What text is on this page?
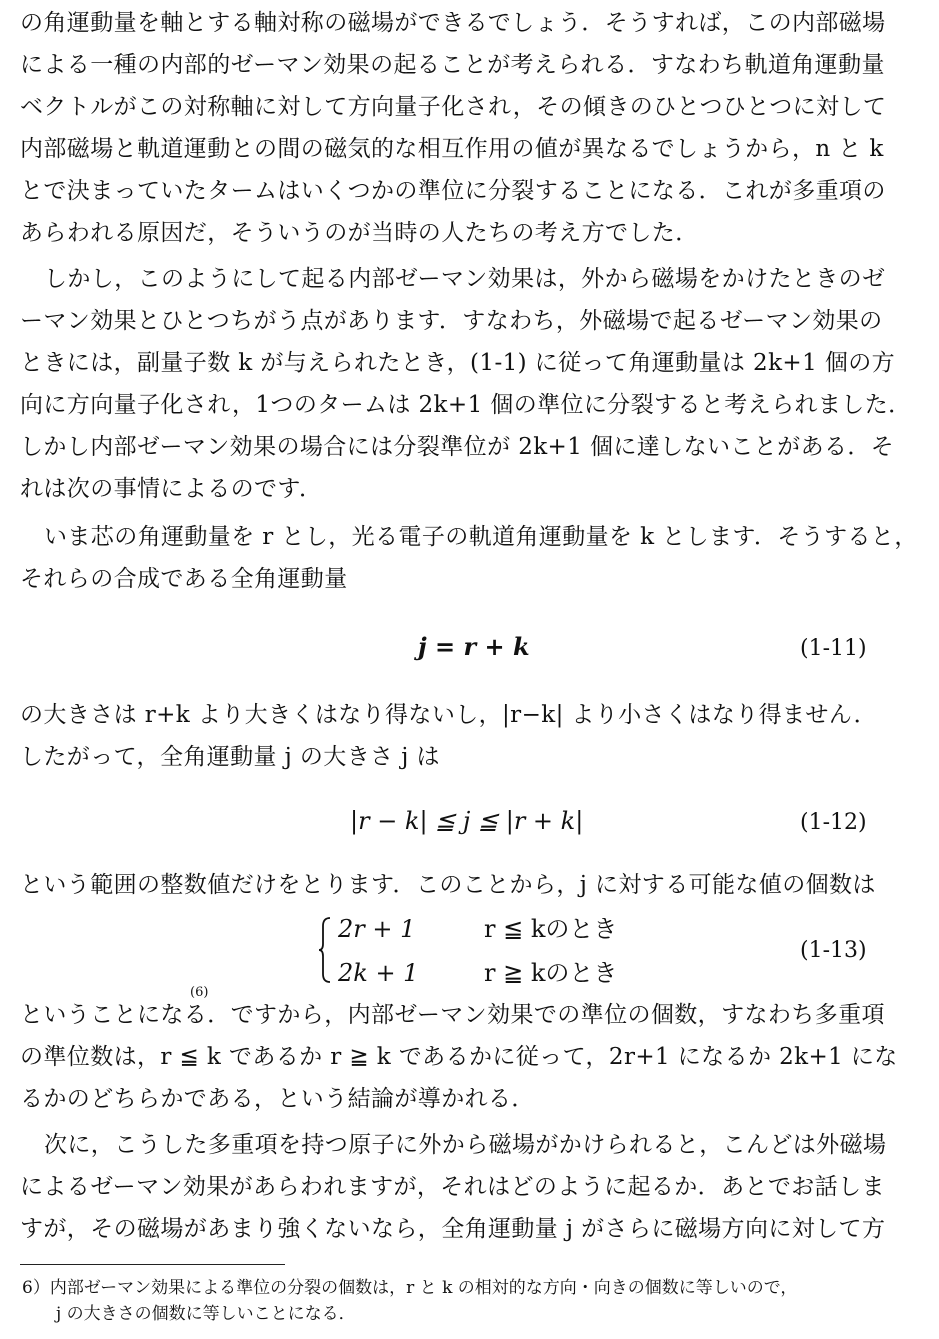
の角運動量を軸とする軸対称の磁場ができるでしょう．そうすれば，この内部磁場
による一種の内部的ゼーマン効果の起ることが考えられる．すなわち軌道角運動量
ベクトルがこの対称軸に対して方向量子化され，その傾きのひとつひとつに対して
内部磁場と軌道運動との間の磁気的な相互作用の値が異なるでしょうから，n と k
とで決まっていたタームはいくつかの準位に分裂することになる．これが多重項の
あらわれる原因だ，そういうのが当時の人たちの考え方でした．
しかし，このようにして起る内部ゼーマン効果は，外から磁場をかけたときのゼ
ーマン効果とひとつちがう点があります．すなわち，外磁場で起るゼーマン効果の
ときには，副量子数 k が与えられたとき，(1-1) に従って角運動量は 2k+1 個の方
向に方向量子化され，1つのタームは 2k+1 個の準位に分裂すると考えられました．
しかし内部ゼーマン効果の場合には分裂準位が 2k+1 個に達しないことがある．そ
れは次の事情によるのです．
いま芯の角運動量を r とし，光る電子の軌道角運動量を k とします．そうすると，
それらの合成である全角運動量
j = r + k	(1-11)
の大きさは r+k より大きくはなり得ないし，|r−k| より小さくはなり得ません．
したがって，全角運動量 j の大きさ j は
|r − k| ≦ j ≦ |r + k|	(1-12)
という範囲の整数値だけをとります．このことから，j に対する可能な値の個数は
2r + 1	r ≦ kのとき
2k + 1	r ≧ kのとき
(1-13)
(6)
ということになる．ですから，内部ゼーマン効果での準位の個数，すなわち多重項
の準位数は，r ≦ k であるか r ≧ k であるかに従って，2r+1 になるか 2k+1 にな
るかのどちらかである，という結論が導かれる．
次に，こうした多重項を持つ原子に外から磁場がかけられると，こんどは外磁場
によるゼーマン効果があらわれますが，それはどのように起るか．あとでお話しま
すが，その磁場があまり強くないなら，全角運動量 j がさらに磁場方向に対して方
6）内部ゼーマン効果による準位の分裂の個数は，r と k の相対的な方向・向きの個数に等しいので，
j の大きさの個数に等しいことになる．
